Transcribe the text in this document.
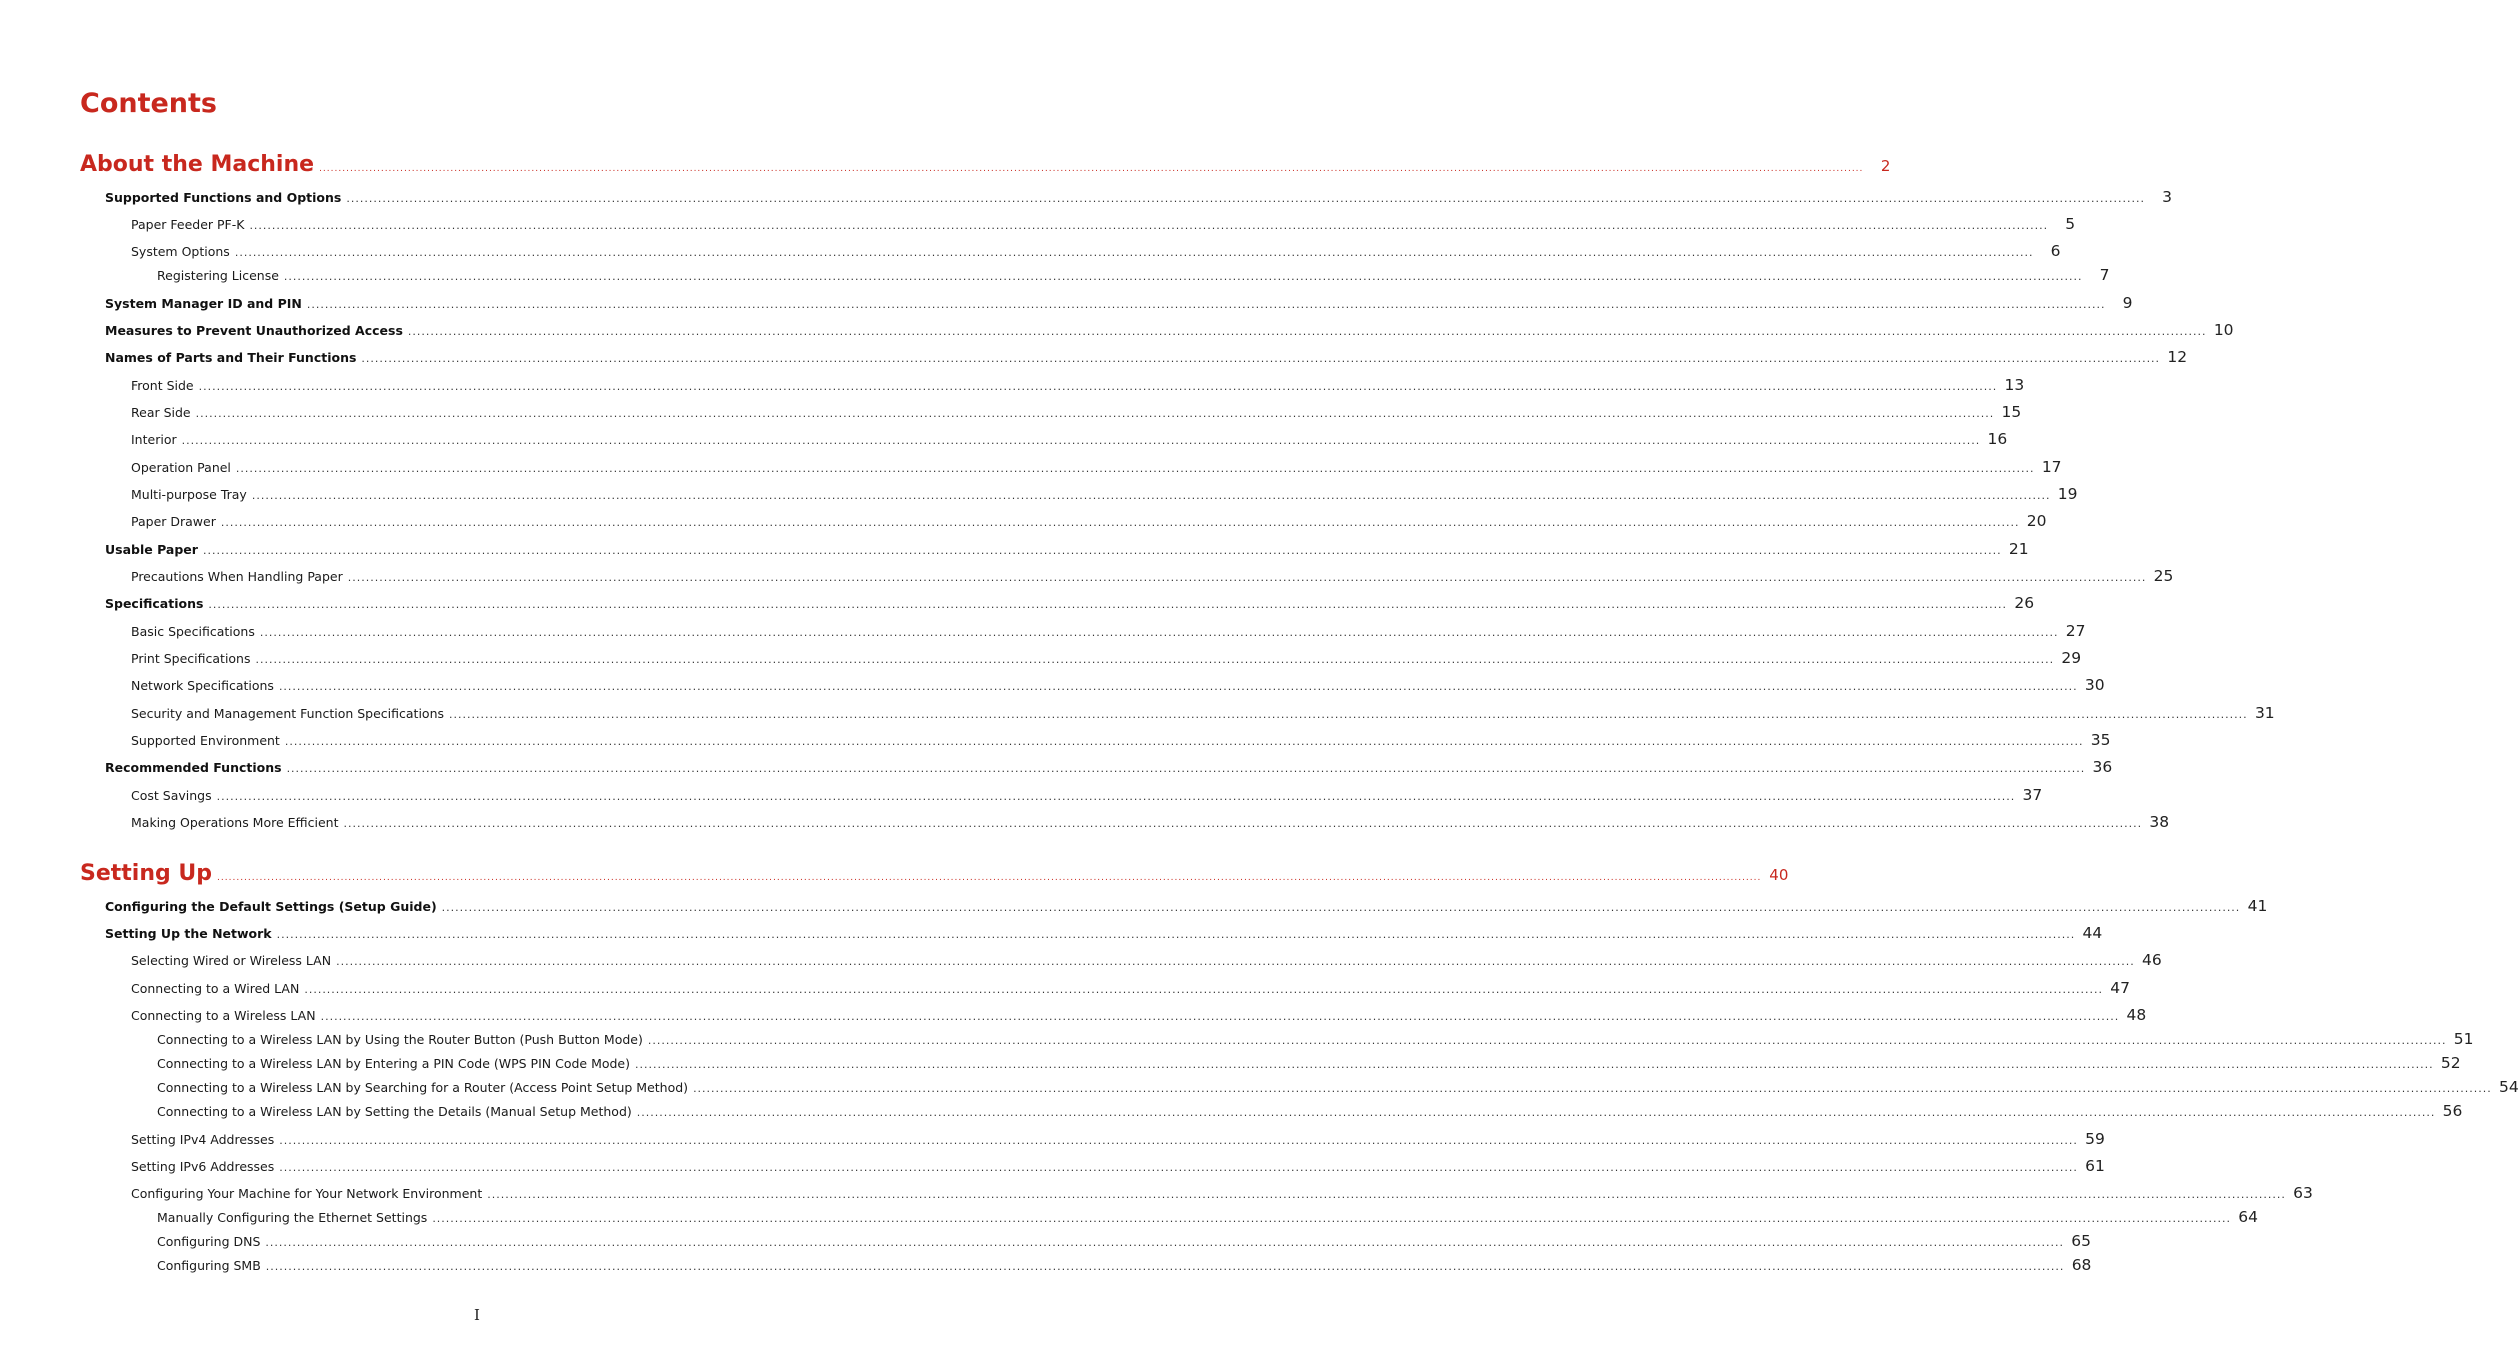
Contents
About the Machine ................................................................................................................................................................................................................................................................................................................................................................................................................	2
Supported Functions and Options ................................................................................................................................................................................................................................................................................................................................................................................................................	3
Paper Feeder PF-K ................................................................................................................................................................................................................................................................................................................................................................................................................	5
System Options ................................................................................................................................................................................................................................................................................................................................................................................................................	6
Registering License ................................................................................................................................................................................................................................................................................................................................................................................................................	7
System Manager ID and PIN ................................................................................................................................................................................................................................................................................................................................................................................................................	9
Measures to Prevent Unauthorized Access ................................................................................................................................................................................................................................................................................................................................................................................................................ 10
Names of Parts and Their Functions ................................................................................................................................................................................................................................................................................................................................................................................................................ 12
Front Side ................................................................................................................................................................................................................................................................................................................................................................................................................ 13
Rear Side ................................................................................................................................................................................................................................................................................................................................................................................................................ 15
Interior ................................................................................................................................................................................................................................................................................................................................................................................................................ 16
Operation Panel ................................................................................................................................................................................................................................................................................................................................................................................................................ 17
Multi-purpose Tray ................................................................................................................................................................................................................................................................................................................................................................................................................ 19
Paper Drawer ................................................................................................................................................................................................................................................................................................................................................................................................................ 20
Usable Paper ................................................................................................................................................................................................................................................................................................................................................................................................................ 21
Precautions When Handling Paper ................................................................................................................................................................................................................................................................................................................................................................................................................ 25
Specifications ................................................................................................................................................................................................................................................................................................................................................................................................................ 26
Basic Specifications ................................................................................................................................................................................................................................................................................................................................................................................................................ 27
Print Specifications ................................................................................................................................................................................................................................................................................................................................................................................................................ 29
Network Specifications ................................................................................................................................................................................................................................................................................................................................................................................................................ 30
Security and Management Function Specifications ................................................................................................................................................................................................................................................................................................................................................................................................................ 31
Supported Environment ................................................................................................................................................................................................................................................................................................................................................................................................................ 35
Recommended Functions ................................................................................................................................................................................................................................................................................................................................................................................................................ 36
Cost Savings ................................................................................................................................................................................................................................................................................................................................................................................................................ 37
Making Operations More Efficient ................................................................................................................................................................................................................................................................................................................................................................................................................ 38
Setting Up ................................................................................................................................................................................................................................................................................................................................................................................................................ 40
Configuring the Default Settings (Setup Guide) ................................................................................................................................................................................................................................................................................................................................................................................................................ 41
Setting Up the Network ................................................................................................................................................................................................................................................................................................................................................................................................................ 44
Selecting Wired or Wireless LAN ................................................................................................................................................................................................................................................................................................................................................................................................................ 46
Connecting to a Wired LAN ................................................................................................................................................................................................................................................................................................................................................................................................................ 47
Connecting to a Wireless LAN ................................................................................................................................................................................................................................................................................................................................................................................................................ 48
Connecting to a Wireless LAN by Using the Router Button (Push Button Mode) ................................................................................................................................................................................................................................................................................................................................................................................................................ 51
Connecting to a Wireless LAN by Entering a PIN Code (WPS PIN Code Mode) ................................................................................................................................................................................................................................................................................................................................................................................................................ 52
Connecting to a Wireless LAN by Searching for a Router (Access Point Setup Method) ................................................................................................................................................................................................................................................................................................................................................................................................................ 54
Connecting to a Wireless LAN by Setting the Details (Manual Setup Method) ................................................................................................................................................................................................................................................................................................................................................................................................................ 56
Setting IPv4 Addresses ................................................................................................................................................................................................................................................................................................................................................................................................................ 59
Setting IPv6 Addresses ................................................................................................................................................................................................................................................................................................................................................................................................................ 61
Configuring Your Machine for Your Network Environment ................................................................................................................................................................................................................................................................................................................................................................................................................ 63
Manually Configuring the Ethernet Settings ................................................................................................................................................................................................................................................................................................................................................................................................................ 64
Configuring DNS ................................................................................................................................................................................................................................................................................................................................................................................................................ 65
Configuring SMB ................................................................................................................................................................................................................................................................................................................................................................................................................ 68
I
